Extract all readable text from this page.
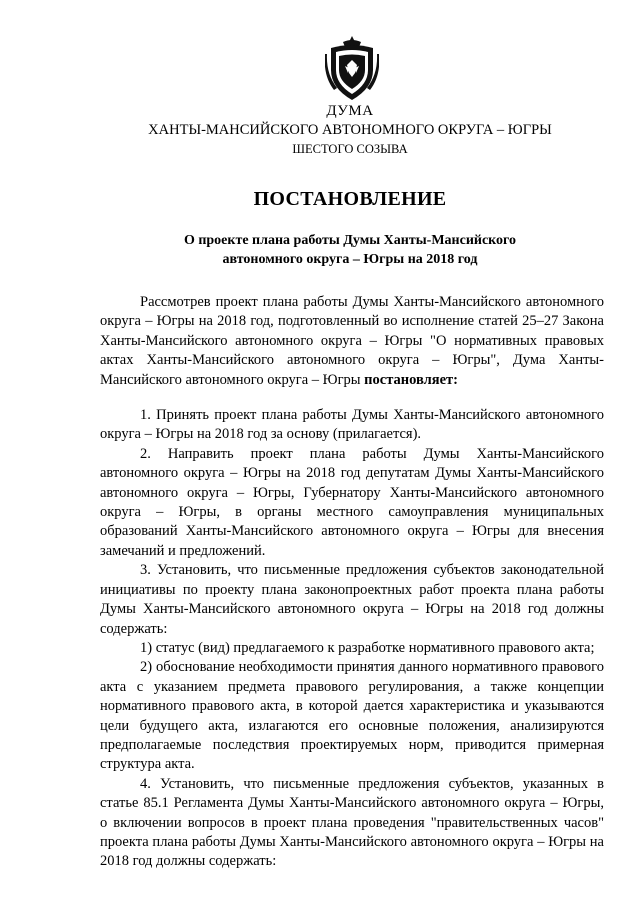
ДУМА
ХАНТЫ-МАНСИЙСКОГО АВТОНОМНОГО ОКРУГА – ЮГРЫ
ШЕСТОГО СОЗЫВА
ПОСТАНОВЛЕНИЕ
О проекте плана работы Думы Ханты-Мансийского
автономного округа – Югры на 2018 год

Рассмотрев проект плана работы Думы Ханты-Мансийского автономного округа – Югры на 2018 год, подготовленный во исполнение статей 25–27 Закона Ханты-Мансийского автономного округа – Югры "О нормативных правовых актах Ханты-Мансийского автономного округа – Югры", Дума Ханты-Мансийского автономного округа – Югры постановляет:

1. Принять проект плана работы Думы Ханты-Мансийского автономного округа – Югры на 2018 год за основу (прилагается).

2. Направить проект плана работы Думы Ханты-Мансийского автономного округа – Югры на 2018 год депутатам Думы Ханты-Мансийского автономного округа – Югры, Губернатору Ханты-Мансийского автономного округа – Югры, в органы местного самоуправления муниципальных образований Ханты-Мансийского автономного округа – Югры для внесения замечаний и предложений.

3. Установить, что письменные предложения субъектов законодательной инициативы по проекту плана законопроектных работ проекта плана работы Думы Ханты-Мансийского автономного округа – Югры на 2018 год должны содержать:

1) статус (вид) предлагаемого к разработке нормативного правового акта;

2) обоснование необходимости принятия данного нормативного правового акта с указанием предмета правового регулирования, а также концепции нормативного правового акта, в которой дается характеристика и указываются цели будущего акта, излагаются его основные положения, анализируются предполагаемые последствия проектируемых норм, приводится примерная структура акта.

4. Установить, что письменные предложения субъектов, указанных в статье 85.1 Регламента Думы Ханты-Мансийского автономного округа – Югры, о включении вопросов в проект плана проведения "правительственных часов" проекта плана работы Думы Ханты-Мансийского автономного округа – Югры на 2018 год должны содержать:
